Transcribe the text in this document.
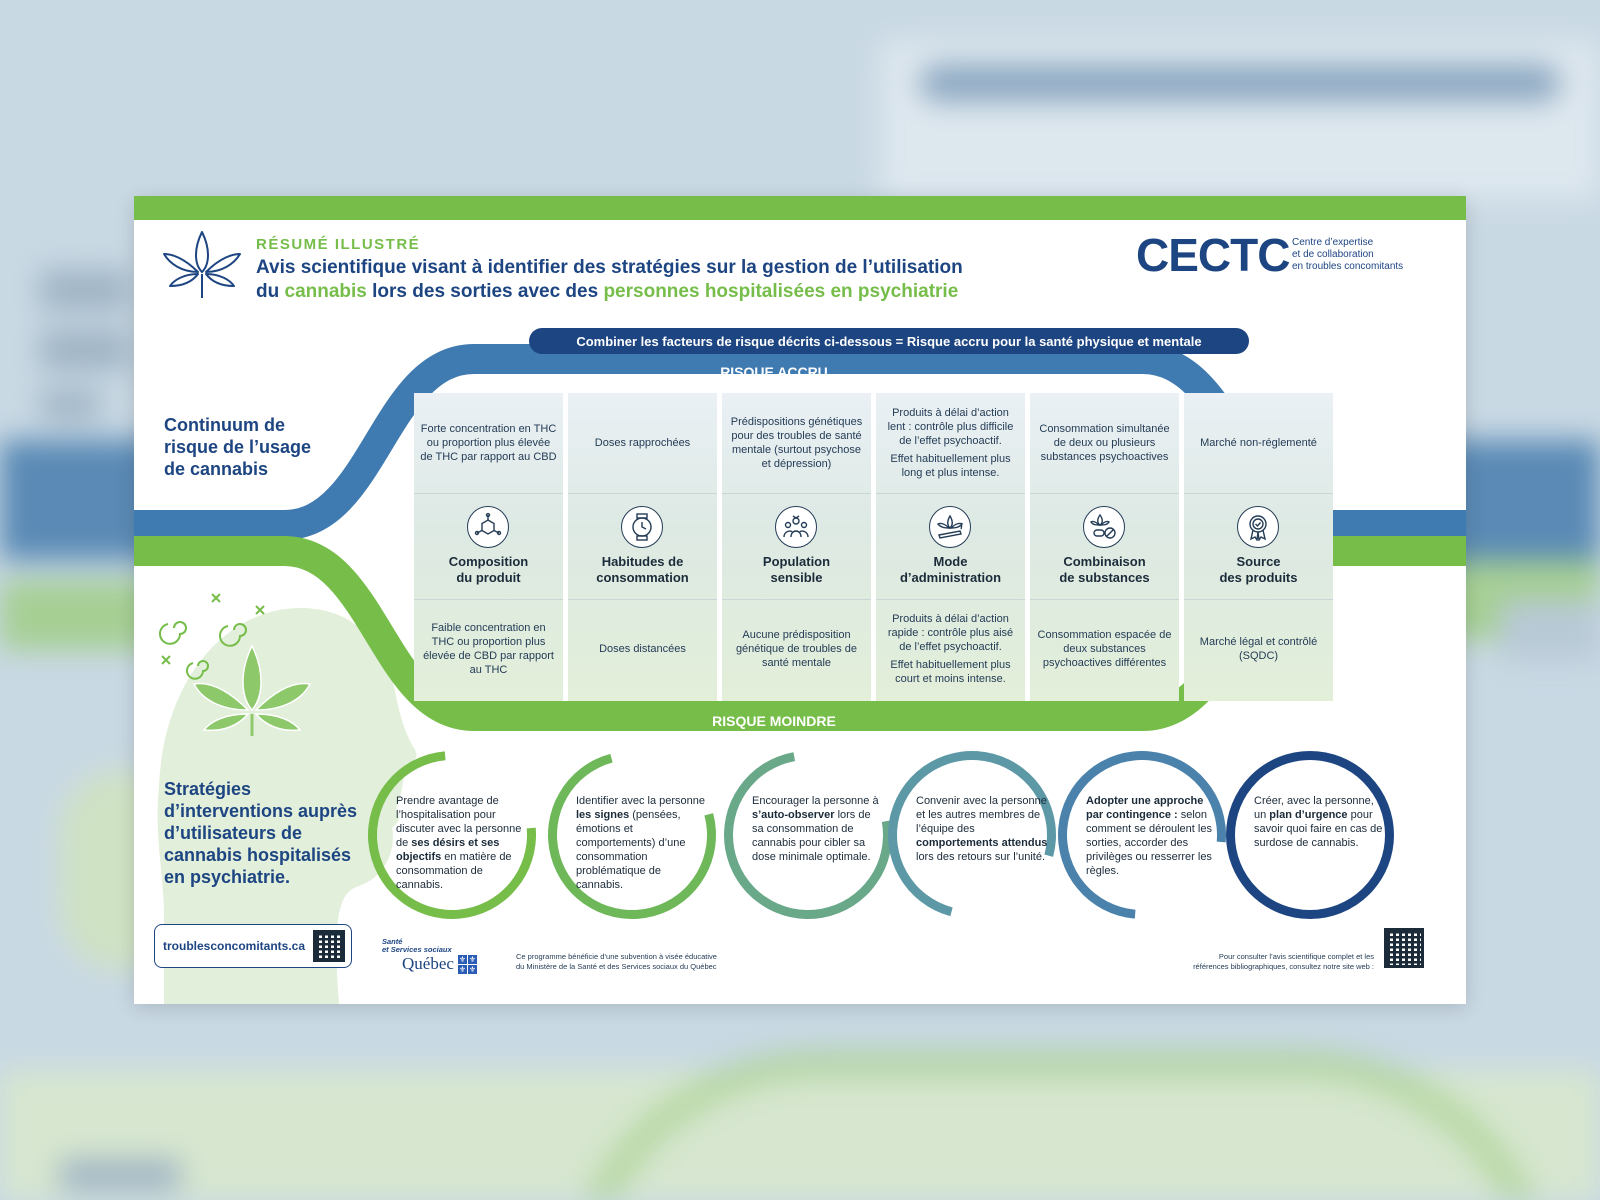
RÉSUMÉ ILLUSTRÉ
Avis scientifique visant à identifier des stratégies sur la gestion de l’utilisation
du cannabis lors des sorties avec des personnes hospitalisées en psychiatrie
CECTC Centre d’expertise
et de collaboration
en troubles concomitants
Combiner les facteurs de risque décrits ci-dessous = Risque accru pour la santé physique et mentale
RISQUE ACCRU
Continuum de
risque de l’usage
de cannabis
Forte concentration en THC ou proportion plus élevée de THC par rapport au CBD
Composition
du produit
Faible concentration en THC ou proportion plus élevée de CBD par rapport au THC
Doses rapprochées
Habitudes de
consommation
Doses distancées
Prédispositions génétiques pour des troubles de santé mentale (surtout psychose et dépression)
Population
sensible
Aucune prédisposition génétique de troubles de santé mentale
Produits à délai d’action lent : contrôle plus difficile de l’effet psychoactif.
Effet habituellement plus long et plus intense.
Mode
d’administration
Produits à délai d’action rapide : contrôle plus aisé de l’effet psychoactif.
Effet habituellement plus court et moins intense.
Consommation simultanée de deux ou plusieurs substances psychoactives
Combinaison
de substances
Consommation espacée de deux substances psychoactives différentes
Marché non-réglementé
Source
des produits
Marché légal et contrôlé (SQDC)
RISQUE MOINDRE
Stratégies
d’interventions auprès
d’utilisateurs de
cannabis hospitalisés
en psychiatrie.
Prendre avantage de l’hospitalisation pour discuter avec la personne de ses désirs et ses objectifs en matière de consommation de cannabis.
Identifier avec la personne les signes (pensées, émotions et comportements) d’une consommation problématique de cannabis.
Encourager la personne à s’auto-observer lors de sa consommation de cannabis pour cibler sa dose minimale optimale.
Convenir avec la personne et les autres membres de l’équipe des comportements attendus lors des retours sur l’unité.
Adopter une approche par contingence : selon comment se déroulent les sorties, accorder des privilèges ou resserrer les règles.
Créer, avec la personne, un plan d’urgence pour savoir quoi faire en cas de surdose de cannabis.
troublesconcomitants.ca	Santé
et Services sociaux
Québec ⚜ ⚜
⚜ ⚜
Ce programme bénéficie d’une subvention à visée éducative
du Ministère de la Santé et des Services sociaux du Québec
Pour consulter l’avis scientifique complet et les
références bibliographiques, consultez notre site web :
